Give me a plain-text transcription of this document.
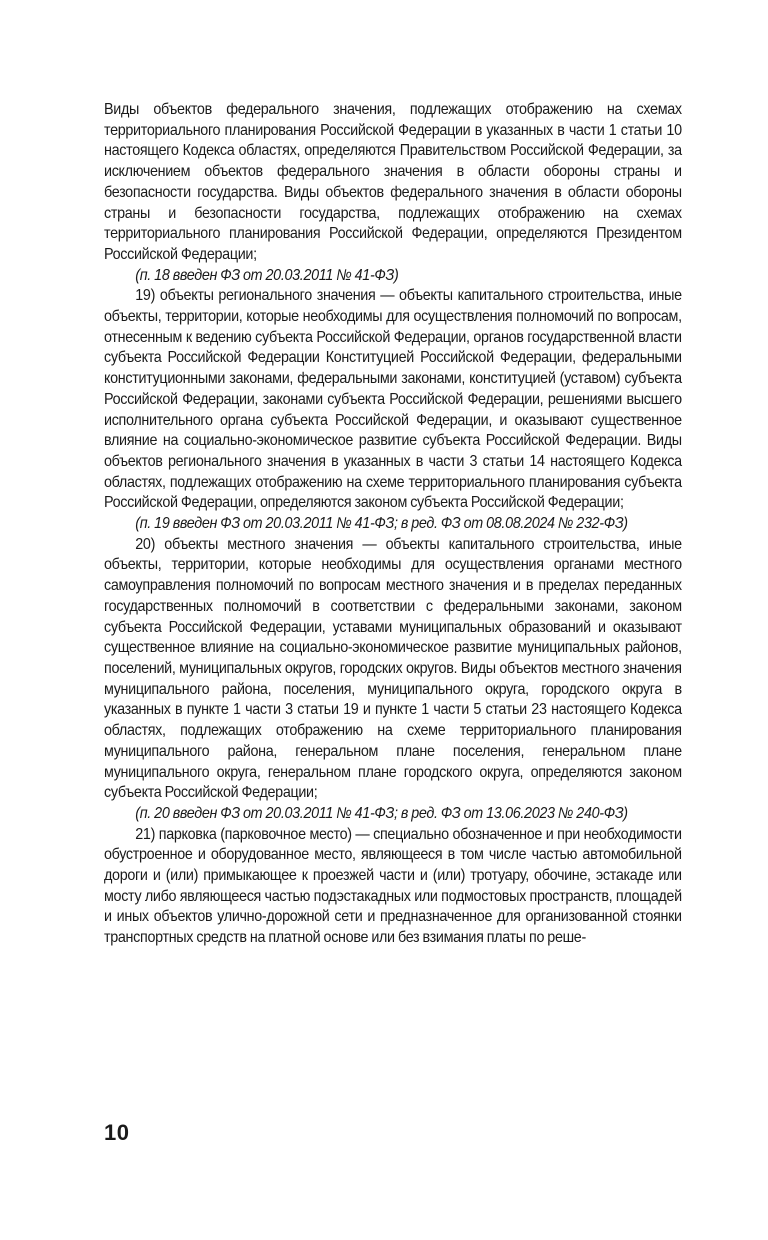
Виды объектов федерального значения, подлежащих отображению на схемах территориального планирования Российской Федерации в указанных в части 1 статьи 10 настоящего Кодекса областях, определяются Правительством Российской Федерации, за исключением объектов федерального значения в области обороны страны и безопасности государства. Виды объектов федерального значения в области обороны страны и безопасности государства, подлежащих отображению на схемах территориального планирования Российской Федерации, определяются Президентом Российской Федерации;

(п. 18 введен ФЗ от 20.03.2011 № 41-ФЗ)

19) объекты регионального значения — объекты капитального строительства, иные объекты, территории, которые необходимы для осуществления полномочий по вопросам, отнесенным к ведению субъекта Российской Федерации, органов государственной власти субъекта Российской Федерации Конституцией Российской Федерации, федеральными конституционными законами, федеральными законами, конституцией (уставом) субъекта Российской Федерации, законами субъекта Российской Федерации, решениями высшего исполнительного органа субъекта Российской Федерации, и оказывают существенное влияние на социально-экономическое развитие субъекта Российской Федерации. Виды объектов регионального значения в указанных в части 3 статьи 14 настоящего Кодекса областях, подлежащих отображению на схеме территориального планирования субъекта Российской Федерации, определяются законом субъекта Российской Федерации;

(п. 19 введен ФЗ от 20.03.2011 № 41-ФЗ; в ред. ФЗ от 08.08.2024 № 232-ФЗ)

20) объекты местного значения — объекты капитального строительства, иные объекты, территории, которые необходимы для осуществления органами местного самоуправления полномочий по вопросам местного значения и в пределах переданных государственных полномочий в соответствии с федеральными законами, законом субъекта Российской Федерации, уставами муниципальных образований и оказывают существенное влияние на социально-экономическое развитие муниципальных районов, поселений, муниципальных округов, городских округов. Виды объектов местного значения муниципального района, поселения, муниципального округа, городского округа в указанных в пункте 1 части 3 статьи 19 и пункте 1 части 5 статьи 23 настоящего Кодекса областях, подлежащих отображению на схеме территориального планирования муниципального района, генеральном плане поселения, генеральном плане муниципального округа, генеральном плане городского округа, определяются законом субъекта Российской Федерации;

(п. 20 введен ФЗ от 20.03.2011 № 41-ФЗ; в ред. ФЗ от 13.06.2023 № 240-ФЗ)

21) парковка (парковочное место) — специально обозначенное и при необходимости обустроенное и оборудованное место, являющееся в том числе частью автомобильной дороги и (или) примыкающее к проезжей части и (или) тротуару, обочине, эстакаде или мосту либо являющееся частью подэстакадных или подмостовых пространств, площадей и иных объектов улично-дорожной сети и предназначенное для организованной стоянки транспортных средств на платной основе или без взимания платы по реше-

10
